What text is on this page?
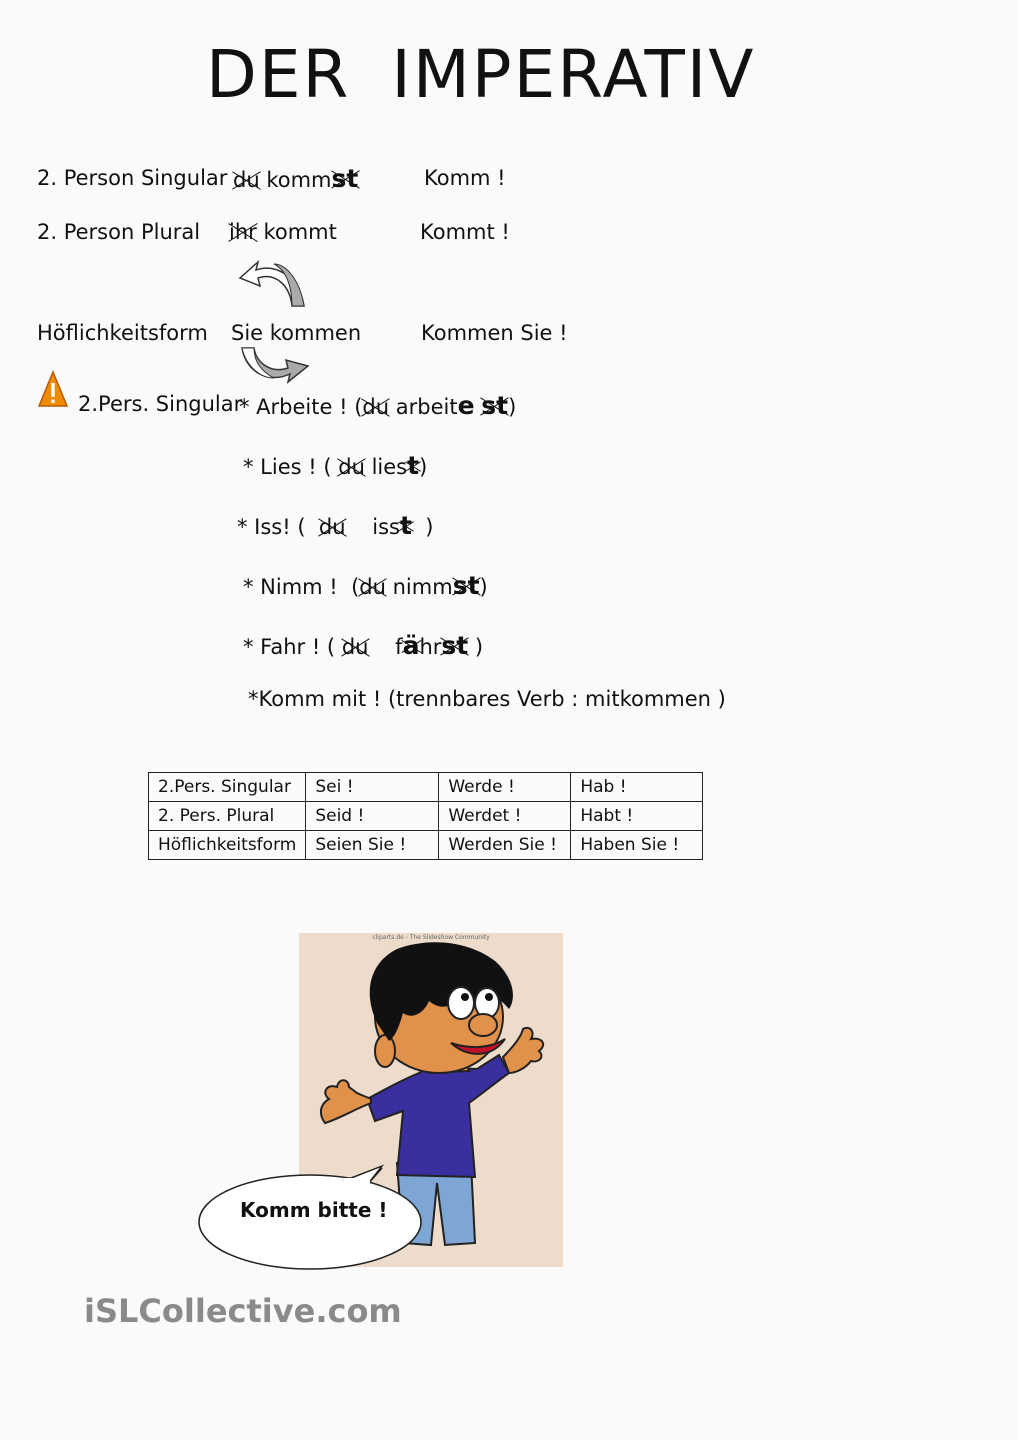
DER IMPERATIV
2. Person Singular du kommst	Komm !
2. Person Plural ihr kommt	Kommt !
Höflichkeitsform Sie kommen	Kommen Sie !
2.Pers. Singular
* Arbeite ! (du arbeite st)
* Lies ! ( du liest)
* Iss! ( du isst )
* Nimm ! (du nimmst)
* Fahr ! ( du fährst )
*Komm mit ! (trennbares Verb : mitkommen )
2.Pers. Singular	Sei !	Werde !	Hab !
2. Pers. Plural	Seid !	Werdet !	Habt !
Höflichkeitsform	Seien Sie !	Werden Sie !	Haben Sie !
cliparts.de - The Slideshow Community
Komm bitte !
iSLCollective.com
